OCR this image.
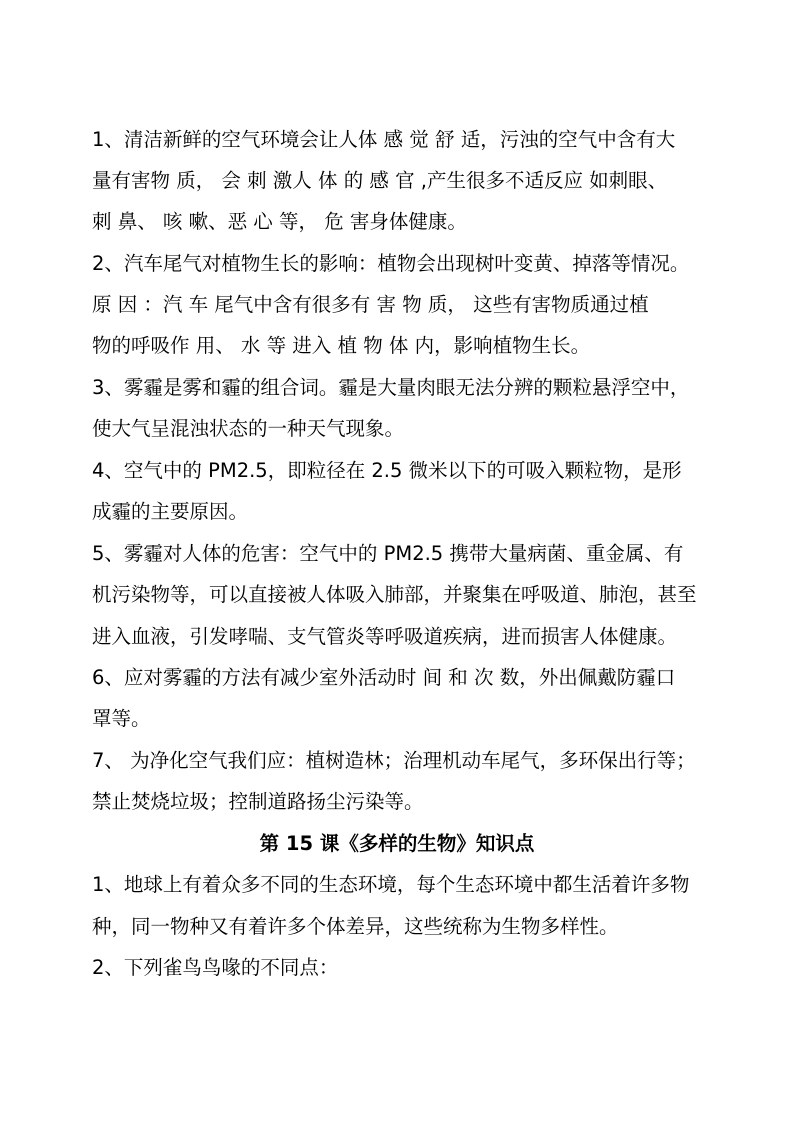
1、清洁新鲜的空气环境会让人体 感 觉 舒 适，污浊的空气中含有大
量有害物 质， 会 刺 激人 体 的 感 官 ,产生很多不适反应 如刺眼、
刺 鼻、 咳 嗽、恶 心 等， 危 害身体健康。
2、汽车尾气对植物生长的影响：植物会出现树叶变黄、掉落等情况。
原 因 ：汽 车 尾气中含有很多有 害 物 质， 这些有害物质通过植
物的呼吸作 用、 水 等 进入 植 物 体 内，影响植物生长。
3、雾霾是雾和霾的组合词。霾是大量肉眼无法分辨的颗粒悬浮空中，
使大气呈混浊状态的一种天气现象。
4、空气中的 PM2.5，即粒径在 2.5 微米以下的可吸入颗粒物，是形
成霾的主要原因。
5、雾霾对人体的危害：空气中的 PM2.5 携带大量病菌、重金属、有
机污染物等，可以直接被人体吸入肺部，并聚集在呼吸道、肺泡，甚至
进入血液，引发哮喘、支气管炎等呼吸道疾病，进而损害人体健康。
6、应对雾霾的方法有减少室外活动时 间 和 次 数，外出佩戴防霾口
罩等。
7、 为净化空气我们应：植树造林；治理机动车尾气，多环保出行等；
禁止焚烧垃圾；控制道路扬尘污染等。
第 15 课《多样的生物》知识点
1、地球上有着众多不同的生态环境，每个生态环境中都生活着许多物
种，同一物种又有着许多个体差异，这些统称为生物多样性。
2、下列雀鸟鸟喙的不同点：
